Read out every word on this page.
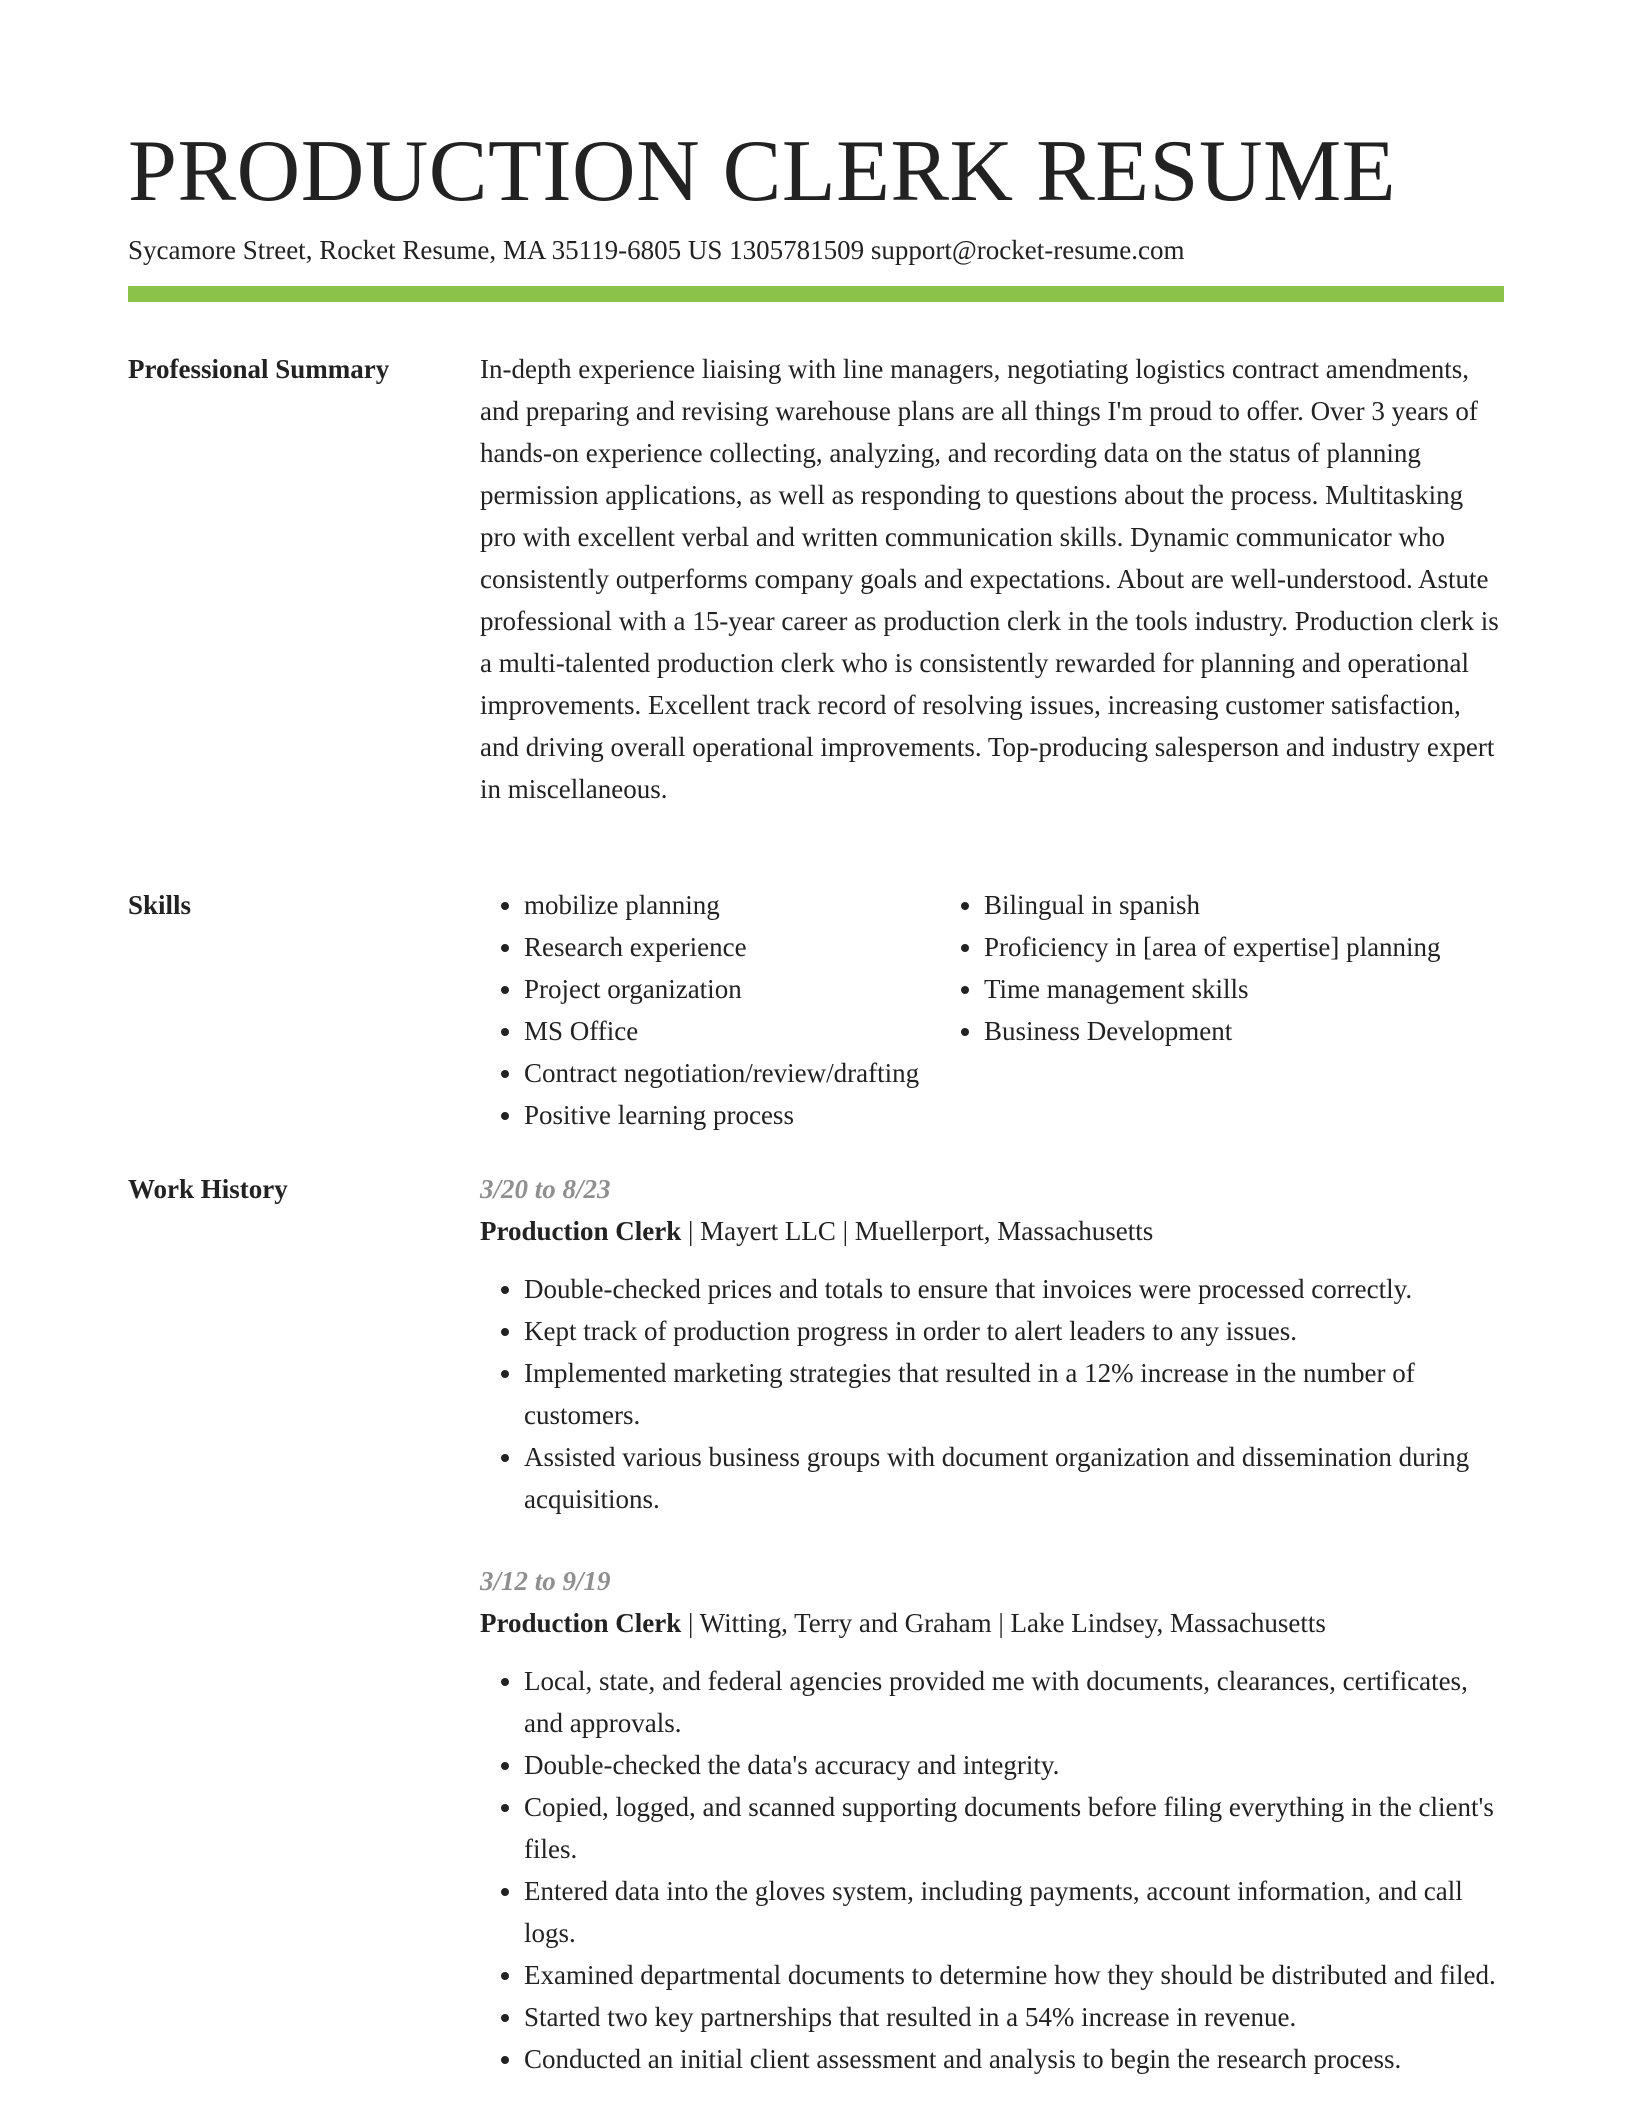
PRODUCTION CLERK RESUME
Sycamore Street, Rocket Resume, MA 35119-6805 US 1305781509 support@rocket-resume.com
Professional Summary	In-depth experience liaising with line managers, negotiating logistics contract amendments, and preparing and revising warehouse plans are all things I'm proud to offer. Over 3 years of hands-on experience collecting, analyzing, and recording data on the status of planning permission applications, as well as responding to questions about the process. Multitasking pro with excellent verbal and written communication skills. Dynamic communicator who consistently outperforms company goals and expectations. About are well-understood. Astute professional with a 15-year career as production clerk in the tools industry. Production clerk is a multi-talented production clerk who is consistently rewarded for planning and operational improvements. Excellent track record of resolving issues, increasing customer satisfaction, and driving overall operational improvements. Top-producing salesperson and industry expert in miscellaneous.

Skills
•	mobilize planning
• Research experience
• Project organization
• MS Office
• Contract negotiation/review/drafting
• Positive learning process
• Bilingual in spanish
• Proficiency in [area of expertise] planning
• Time management skills
• Business Development
Work History	3/20 to 8/23

Production Clerk | Mayert LLC | Muellerport, Massachusetts

• Double-checked prices and totals to ensure that invoices were processed correctly.
• Kept track of production progress in order to alert leaders to any issues.
• Implemented marketing strategies that resulted in a 12% increase in the number of customers.
• Assisted various business groups with document organization and dissemination during acquisitions.

3/12 to 9/19

Production Clerk | Witting, Terry and Graham | Lake Lindsey, Massachusetts

• Local, state, and federal agencies provided me with documents, clearances, certificates, and approvals.
• Double-checked the data's accuracy and integrity.
• Copied, logged, and scanned supporting documents before filing everything in the client's files.
• Entered data into the gloves system, including payments, account information, and call logs.
• Examined departmental documents to determine how they should be distributed and filed.
• Started two key partnerships that resulted in a 54% increase in revenue.
• Conducted an initial client assessment and analysis to begin the research process.
